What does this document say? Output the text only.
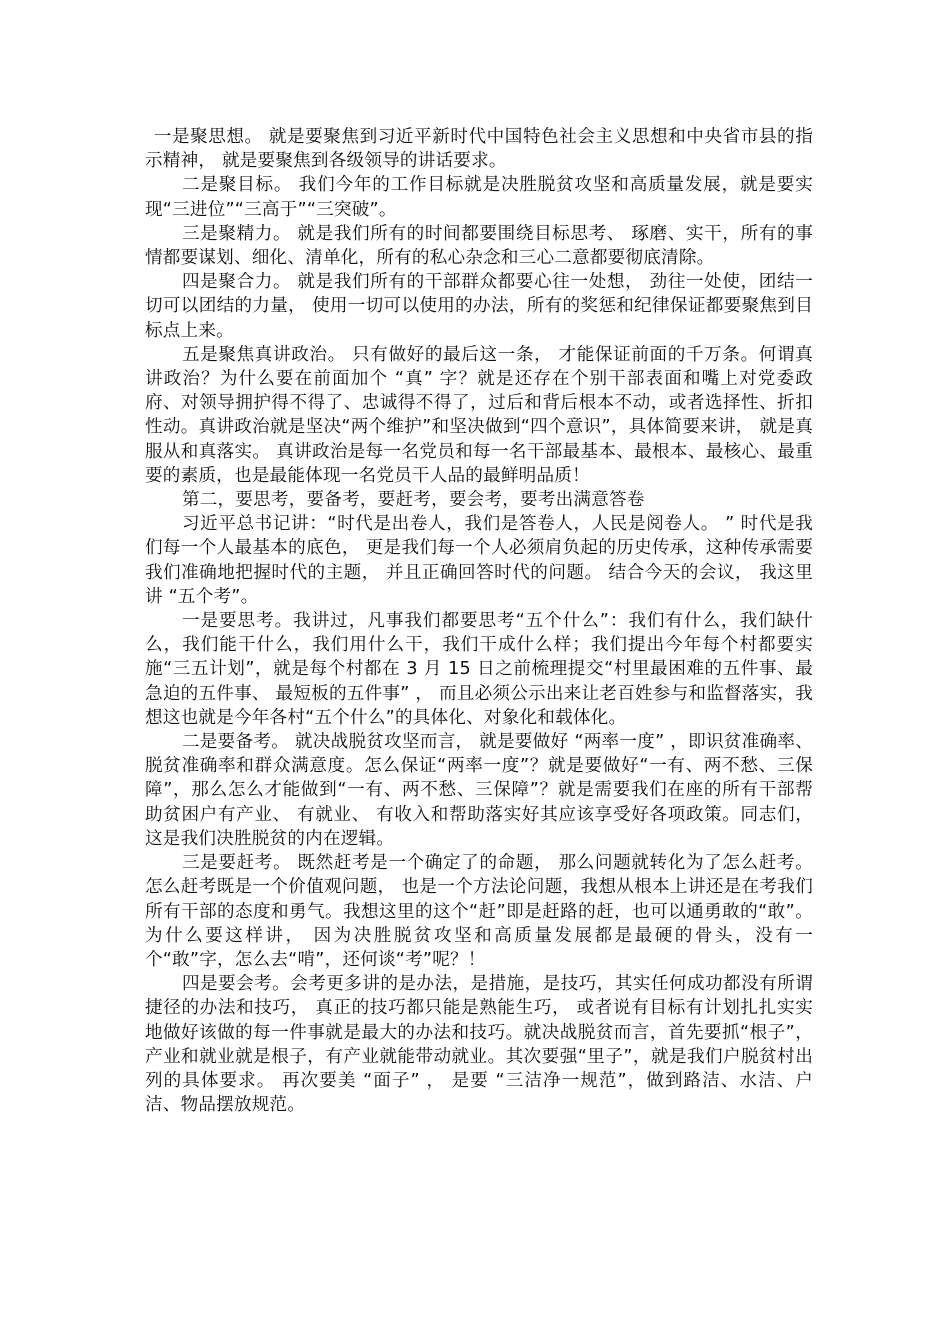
一是聚思想。 就是要聚焦到习近平新时代中国特色社会主义思想和中央省市县的指示精神， 就是要聚焦到各级领导的讲话要求。

二是聚目标。 我们今年的工作目标就是决胜脱贫攻坚和高质量发展，就是要实现“三进位”“三高于”“三突破”。

三是聚精力。 就是我们所有的时间都要围绕目标思考、 琢磨、实干，所有的事情都要谋划、细化、清单化，所有的私心杂念和三心二意都要彻底清除。

四是聚合力。 就是我们所有的干部群众都要心往一处想， 劲往一处使，团结一切可以团结的力量， 使用一切可以使用的办法，所有的奖惩和纪律保证都要聚焦到目标点上来。

五是聚焦真讲政治。 只有做好的最后这一条， 才能保证前面的千万条。何谓真讲政治？为什么要在前面加个 “真” 字？就是还存在个别干部表面和嘴上对党委政府、对领导拥护得不得了、忠诚得不得了，过后和背后根本不动，或者选择性、折扣性动。真讲政治就是坚决“两个维护”和坚决做到“四个意识”，具体简要来讲， 就是真服从和真落实。 真讲政治是每一名党员和每一名干部最基本、最根本、最核心、最重要的素质，也是最能体现一名党员干人品的最鲜明品质！

第二，要思考，要备考，要赶考，要会考，要考出满意答卷

习近平总书记讲：“时代是出卷人，我们是答卷人，人民是阅卷人。 ” 时代是我们每一个人最基本的底色， 更是我们每一个人必须肩负起的历史传承，这种传承需要我们准确地把握时代的主题， 并且正确回答时代的问题。 结合今天的会议， 我这里讲 “五个考”。

一是要思考。我讲过，凡事我们都要思考“五个什么”：我们有什么，我们缺什么，我们能干什么，我们用什么干，我们干成什么样；我们提出今年每个村都要实施“三五计划”，就是每个村都在 3 月 15 日之前梳理提交“村里最困难的五件事、最急迫的五件事、 最短板的五件事” ， 而且必须公示出来让老百姓参与和监督落实，我想这也就是今年各村“五个什么”的具体化、对象化和载体化。

二是要备考。 就决战脱贫攻坚而言， 就是要做好 “两率一度” ，即识贫准确率、脱贫准确率和群众满意度。怎么保证“两率一度”？就是要做好“一有、两不愁、三保障”，那么怎么才能做到“一有、两不愁、三保障”？就是需要我们在座的所有干部帮助贫困户有产业、 有就业、 有收入和帮助落实好其应该享受好各项政策。同志们，这是我们决胜脱贫的内在逻辑。

三是要赶考。 既然赶考是一个确定了的命题， 那么问题就转化为了怎么赶考。 怎么赶考既是一个价值观问题， 也是一个方法论问题，我想从根本上讲还是在考我们所有干部的态度和勇气。我想这里的这个“赶”即是赶路的赶，也可以通勇敢的“敢”。为什么要这样讲， 因为决胜脱贫攻坚和高质量发展都是最硬的骨头，没有一个“敢”字，怎么去“啃”，还何谈“考”呢？！

四是要会考。会考更多讲的是办法，是措施，是技巧，其实任何成功都没有所谓捷径的办法和技巧， 真正的技巧都只能是熟能生巧， 或者说有目标有计划扎扎实实地做好该做的每一件事就是最大的办法和技巧。就决战脱贫而言，首先要抓“根子”，产业和就业就是根子，有产业就能带动就业。其次要强“里子”，就是我们户脱贫村出列的具体要求。 再次要美 “面子” ， 是要 “三洁净一规范”，做到路洁、水洁、户洁、物品摆放规范。
